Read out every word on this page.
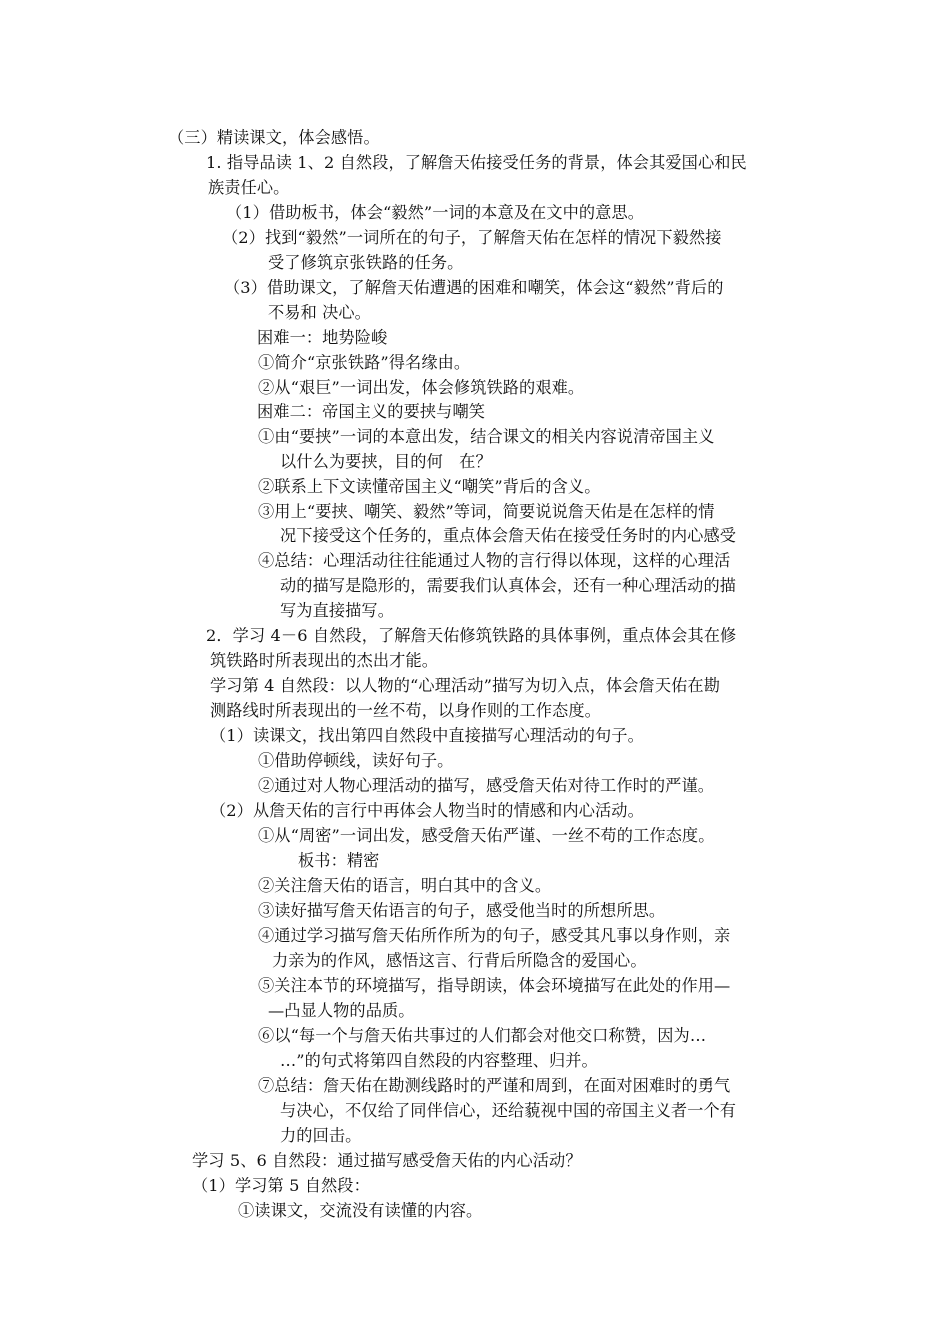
（三）精读课文，体会感悟。
1. 指导品读 1、2 自然段，了解詹天佑接受任务的背景，体会其爱国心和民
族责任心。
（1）借助板书，体会“毅然”一词的本意及在文中的意思。
（2）找到“毅然”一词所在的句子，了解詹天佑在怎样的情况下毅然接
受了修筑京张铁路的任务。
（3）借助课文，了解詹天佑遭遇的困难和嘲笑，体会这“毅然”背后的
不易和 决心。
困难一：地势险峻
①简介“京张铁路”得名缘由。
②从“艰巨”一词出发，体会修筑铁路的艰难。
困难二：帝国主义的要挟与嘲笑
①由“要挟”一词的本意出发，结合课文的相关内容说清帝国主义
以什么为要挟，目的何　在？
②联系上下文读懂帝国主义“嘲笑”背后的含义。
③用上“要挟、嘲笑、毅然”等词，简要说说詹天佑是在怎样的情
况下接受这个任务的，重点体会詹天佑在接受任务时的内心感受
④总结：心理活动往往能通过人物的言行得以体现，这样的心理活
动的描写是隐形的，需要我们认真体会，还有一种心理活动的描
写为直接描写。
2．学习 4－6 自然段，了解詹天佑修筑铁路的具体事例，重点体会其在修
筑铁路时所表现出的杰出才能。
学习第 4 自然段：以人物的“心理活动”描写为切入点，体会詹天佑在勘
测路线时所表现出的一丝不苟，以身作则的工作态度。
（1）读课文，找出第四自然段中直接描写心理活动的句子。
①借助停顿线，读好句子。
②通过对人物心理活动的描写，感受詹天佑对待工作时的严谨。
（2）从詹天佑的言行中再体会人物当时的情感和内心活动。
①从“周密”一词出发，感受詹天佑严谨、一丝不苟的工作态度。
板书：精密
②关注詹天佑的语言，明白其中的含义。
③读好描写詹天佑语言的句子，感受他当时的所想所思。
④通过学习描写詹天佑所作所为的句子，感受其凡事以身作则，亲
力亲为的作风，感悟这言、行背后所隐含的爱国心。
⑤关注本节的环境描写，指导朗读，体会环境描写在此处的作用—
—凸显人物的品质。
⑥以“每一个与詹天佑共事过的人们都会对他交口称赞，因为…
…”的句式将第四自然段的内容整理、归并。
⑦总结：詹天佑在勘测线路时的严谨和周到，在面对困难时的勇气
与决心，不仅给了同伴信心，还给藐视中国的帝国主义者一个有
力的回击。
学习 5、6 自然段：通过描写感受詹天佑的内心活动？
（1）学习第 5 自然段：
①读课文，交流没有读懂的内容。
